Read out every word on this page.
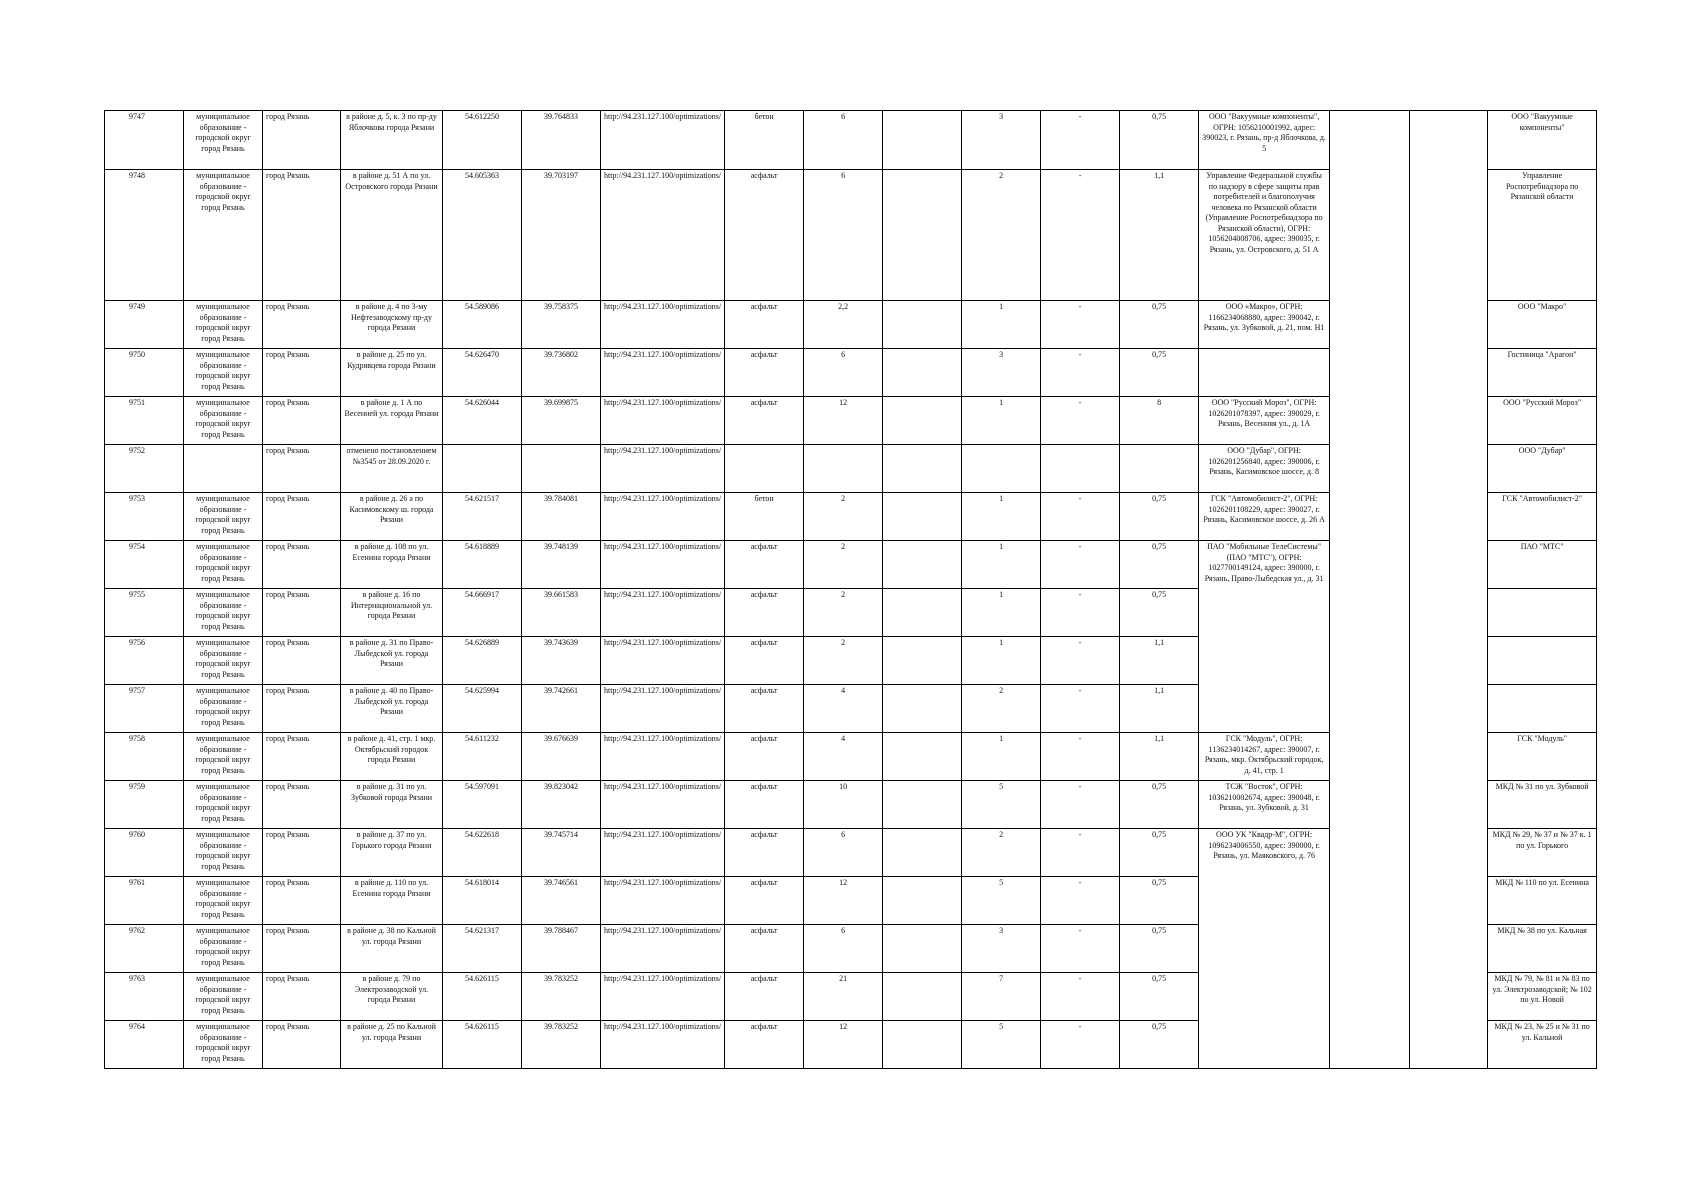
9747	муниципальное образование - городской округ город Рязань	город Рязань	в районе д. 5, к. 3 по пр-ду Яблочкова города Рязани	54.612250	39.764833	http://94.231.127.100/optimizations/	бетон	6		3	-	0,75	ООО "Вакуумные компоненты", ОГРН: 1056210001992, адрес: 390023, г. Рязань, пр-д Яблочкова, д. 5			ООО "Вакуумные компоненты"
9748	муниципальное образование - городской округ город Рязань	город Рязань	в районе д. 51 А по ул. Островского города Рязани	54.605363	39.703197	http://94.231.127.100/optimizations/	асфальт	6		2	-	1,1	Управление Федеральной службы по надзору в сфере защиты прав потребителей и благополучия человека по Рязанской области (Управление Роспотребнадзора по Рязанской области), ОГРН: 1056204008706, адрес: 390035, г. Рязань, ул. Островского, д. 51 А			Управление Роспотребнадзора по Рязанской области
9749	муниципальное образование - городской округ город Рязань	город Рязань	в районе д. 4 по 3-му Нефтезаводскому пр-ду города Рязани	54.589086	39.758375	http://94.231.127.100/optimizations/	асфальт	2,2		1	-	0,75	ООО «Макро», ОГРН: 1166234068880, адрес: 390042, г. Рязань, ул. Зубковой, д. 21, пом. Н1			ООО "Макро"
9750	муниципальное образование - городской округ город Рязань	город Рязань	в районе д. 25 по ул. Кудрявцева города Рязани	54.626470	39.736802	http://94.231.127.100/optimizations/	асфальт	6		3	-	0,75				Гостиница "Арагон"
9751	муниципальное образование - городской округ город Рязань	город Рязань	в районе д. 1 А по Весенней ул. города Рязани	54.626044	39.699875	http://94.231.127.100/optimizations/	асфальт	12		1	-	8	ООО "Русский Мороз", ОГРН: 1026201078397, адрес: 390029, г. Рязань, Весенняя ул., д. 1А			ООО "Русский Мороз"
9752		город Рязань	отменено постановлением №3545 от 28.09.2020 г.			http://94.231.127.100/optimizations/							ООО "Дубар", ОГРН: 1026201256840, адрес: 390006, г. Рязань, Касимовское шоссе, д. 8			ООО "Дубар"
9753	муниципальное образование - городской округ город Рязань	город Рязань	в районе д. 26 а по Касимовскому ш. города Рязани	54.621517	39.784081	http://94.231.127.100/optimizations/	бетон	2		1	-	0,75	ГСК "Автомобилист-2", ОГРН: 1026201108229, адрес: 390027, г. Рязань, Касимовское шоссе, д. 26 А			ГСК "Автомобилист-2"
9754	муниципальное образование - городской округ город Рязань	город Рязань	в районе д. 108 по ул. Есенина города Рязани	54.618889	39.748139	http://94.231.127.100/optimizations/	асфальт	2		1	-	0,75	ПАО "Мобильные ТелеСистемы" (ПАО "МТС"), ОГРН: 1027700149124, адрес: 390000, г. Рязань, Право-Лыбедская ул., д. 31			ПАО "МТС"
9755	муниципальное образование - городской округ город Рязань	город Рязань	в районе д. 16 по Интернациональной ул. города Рязани	54.666917	39.661583	http://94.231.127.100/optimizations/	асфальт	2		1	-	0,75				
9756	муниципальное образование - городской округ город Рязань	город Рязань	в районе д. 31 по Право-Лыбедской ул. города Рязани	54.626889	39.743639	http://94.231.127.100/optimizations/	асфальт	2		1	-	1,1				
9757	муниципальное образование - городской округ город Рязань	город Рязань	в районе д. 40 по Право-Лыбедской ул. города Рязани	54.625994	39.742661	http://94.231.127.100/optimizations/	асфальт	4		2	-	1,1				
9758	муниципальное образование - городской округ город Рязань	город Рязань	в районе д. 41, стр. 1 мкр. Октябрьский городок города Рязани	54.611232	39.676639	http://94.231.127.100/optimizations/	асфальт	4		1	-	1,1	ГСК "Модуль", ОГРН: 1136234014267, адрес: 390007, г. Рязань, мкр. Октябрьский городок, д. 41, стр. 1			ГСК "Модуль"
9759	муниципальное образование - городской округ город Рязань	город Рязань	в районе д. 31 по ул. Зубковой города Рязани	54.597091	39.823042	http://94.231.127.100/optimizations/	асфальт	10		5	-	0,75	ТСЖ "Восток", ОГРН: 1036210002674, адрес: 390048, г. Рязань, ул. Зубковой, д. 31			МКД № 31 по ул. Зубковой
9760	муниципальное образование - городской округ город Рязань	город Рязань	в районе д. 37 по ул. Горького города Рязани	54.622618	39.745714	http://94.231.127.100/optimizations/	асфальт	6		2	-	0,75	ООО УК "Квадр-М", ОГРН: 1096234006550, адрес: 390000, г. Рязань, ул. Маяковского, д. 76			МКД № 29, № 37 и № 37 к. 1 по ул. Горького
9761	муниципальное образование - городской округ город Рязань	город Рязань	в районе д. 110 по ул. Есенина города Рязани	54.618014	39.746561	http://94.231.127.100/optimizations/	асфальт	12		5	-	0,75				МКД № 110 по ул. Есенина
9762	муниципальное образование - городской округ город Рязань	город Рязань	в районе д. 38 по Кальной ул. города Рязани	54.621317	39.788467	http://94.231.127.100/optimizations/	асфальт	6		3	-	0,75				МКД № 38 по ул. Кальная
9763	муниципальное образование - городской округ город Рязань	город Рязань	в районе д. 79 по Электрозаводской ул. города Рязани	54.626115	39.783252	http://94.231.127.100/optimizations/	асфальт	21		7	-	0,75				МКД № 79, № 81 и № 83 по ул. Электрозаводской; № 102 по ул. Новой
9764	муниципальное образование - городской округ город Рязань	город Рязань	в районе д. 25 по Кальной ул. города Рязани	54.626115	39.783252	http://94.231.127.100/optimizations/	асфальт	12		5	-	0,75				МКД № 23, № 25 и № 31 по ул. Кальной
